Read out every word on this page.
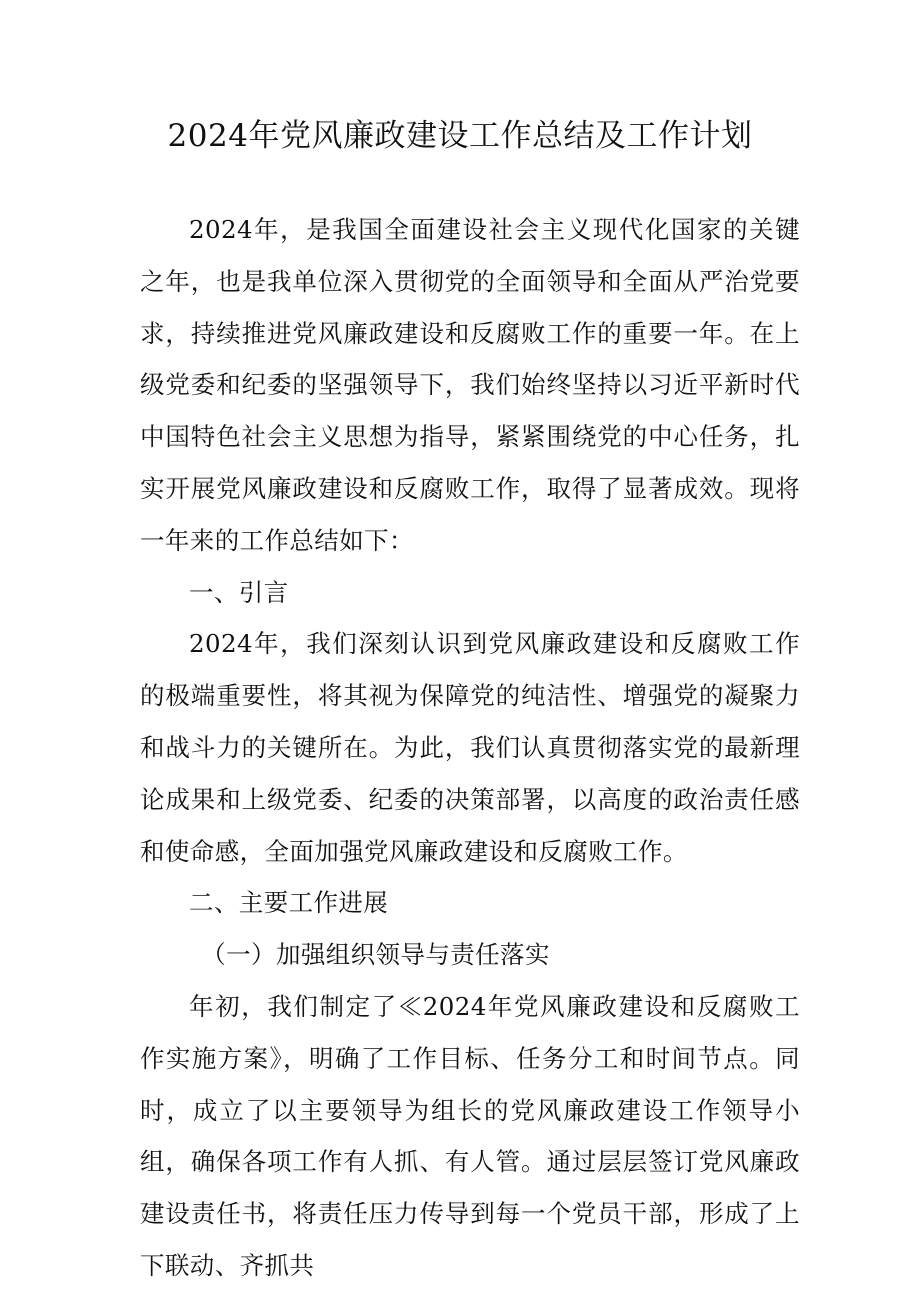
2024年党风廉政建设工作总结及工作计划

2024年，是我国全面建设社会主义现代化国家的关键之年，也是我单位深入贯彻党的全面领导和全面从严治党要求，持续推进党风廉政建设和反腐败工作的重要一年。在上级党委和纪委的坚强领导下，我们始终坚持以习近平新时代中国特色社会主义思想为指导，紧紧围绕党的中心任务，扎实开展党风廉政建设和反腐败工作，取得了显著成效。现将一年来的工作总结如下：

一、引言

2024年，我们深刻认识到党风廉政建设和反腐败工作的极端重要性，将其视为保障党的纯洁性、增强党的凝聚力和战斗力的关键所在。为此，我们认真贯彻落实党的最新理论成果和上级党委、纪委的决策部署，以高度的政治责任感和使命感，全面加强党风廉政建设和反腐败工作。

二、主要工作进展

（一）加强组织领导与责任落实

年初，我们制定了≪2024年党风廉政建设和反腐败工作实施方案》，明确了工作目标、任务分工和时间节点。同时，成立了以主要领导为组长的党风廉政建设工作领导小组，确保各项工作有人抓、有人管。通过层层签订党风廉政建设责任书，将责任压力传导到每一个党员干部，形成了上下联动、齐抓共
